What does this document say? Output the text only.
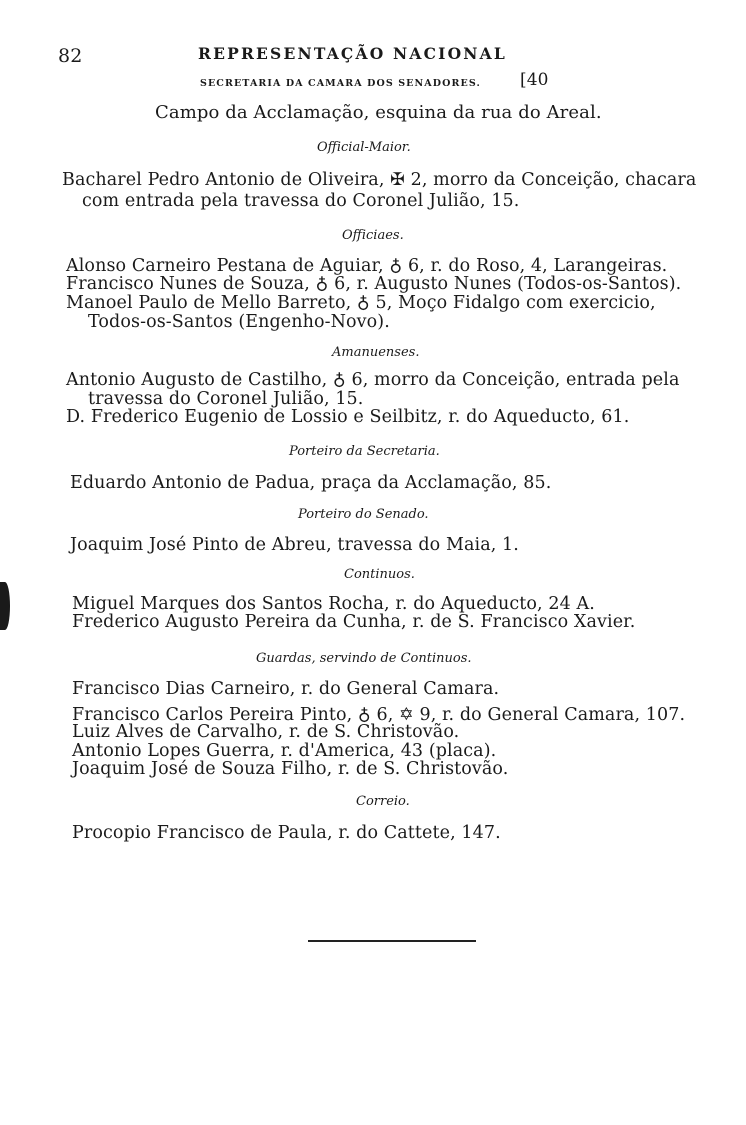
82	REPRESENTAÇÃO NACIONAL
SECRETARIA DA CAMARA DOS SENADORES. [40
Campo da Acclamação, esquina da rua do Areal.
Official-Maior.
Bacharel Pedro Antonio de Oliveira, ✠ 2, morro da Conceição, chacara
com entrada pela travessa do Coronel Julião, 15.
Officiaes.
Alonso Carneiro Pestana de Aguiar, ♁ 6, r. do Roso, 4, Larangeiras.
Francisco Nunes de Souza, ♁ 6, r. Augusto Nunes (Todos-os-Santos).
Manoel Paulo de Mello Barreto, ♁ 5, Moço Fidalgo com exercicio,
Todos-os-Santos (Engenho-Novo).
Amanuenses.
Antonio Augusto de Castilho, ♁ 6, morro da Conceição, entrada pela
travessa do Coronel Julião, 15.
D. Frederico Eugenio de Lossio e Seilbitz, r. do Aqueducto, 61.
Porteiro da Secretaria.
Eduardo Antonio de Padua, praça da Acclamação, 85.
Porteiro do Senado.
Joaquim José Pinto de Abreu, travessa do Maia, 1.
Continuos.
Miguel Marques dos Santos Rocha, r. do Aqueducto, 24 A.
Frederico Augusto Pereira da Cunha, r. de S. Francisco Xavier.
Guardas, servindo de Continuos.
Francisco Dias Carneiro, r. do General Camara.
Francisco Carlos Pereira Pinto, ♁ 6, ✡ 9, r. do General Camara, 107.
Luiz Alves de Carvalho, r. de S. Christovão.
Antonio Lopes Guerra, r. d'America, 43 (placa).
Joaquim José de Souza Filho, r. de S. Christovão.
Correio.
Procopio Francisco de Paula, r. do Cattete, 147.
